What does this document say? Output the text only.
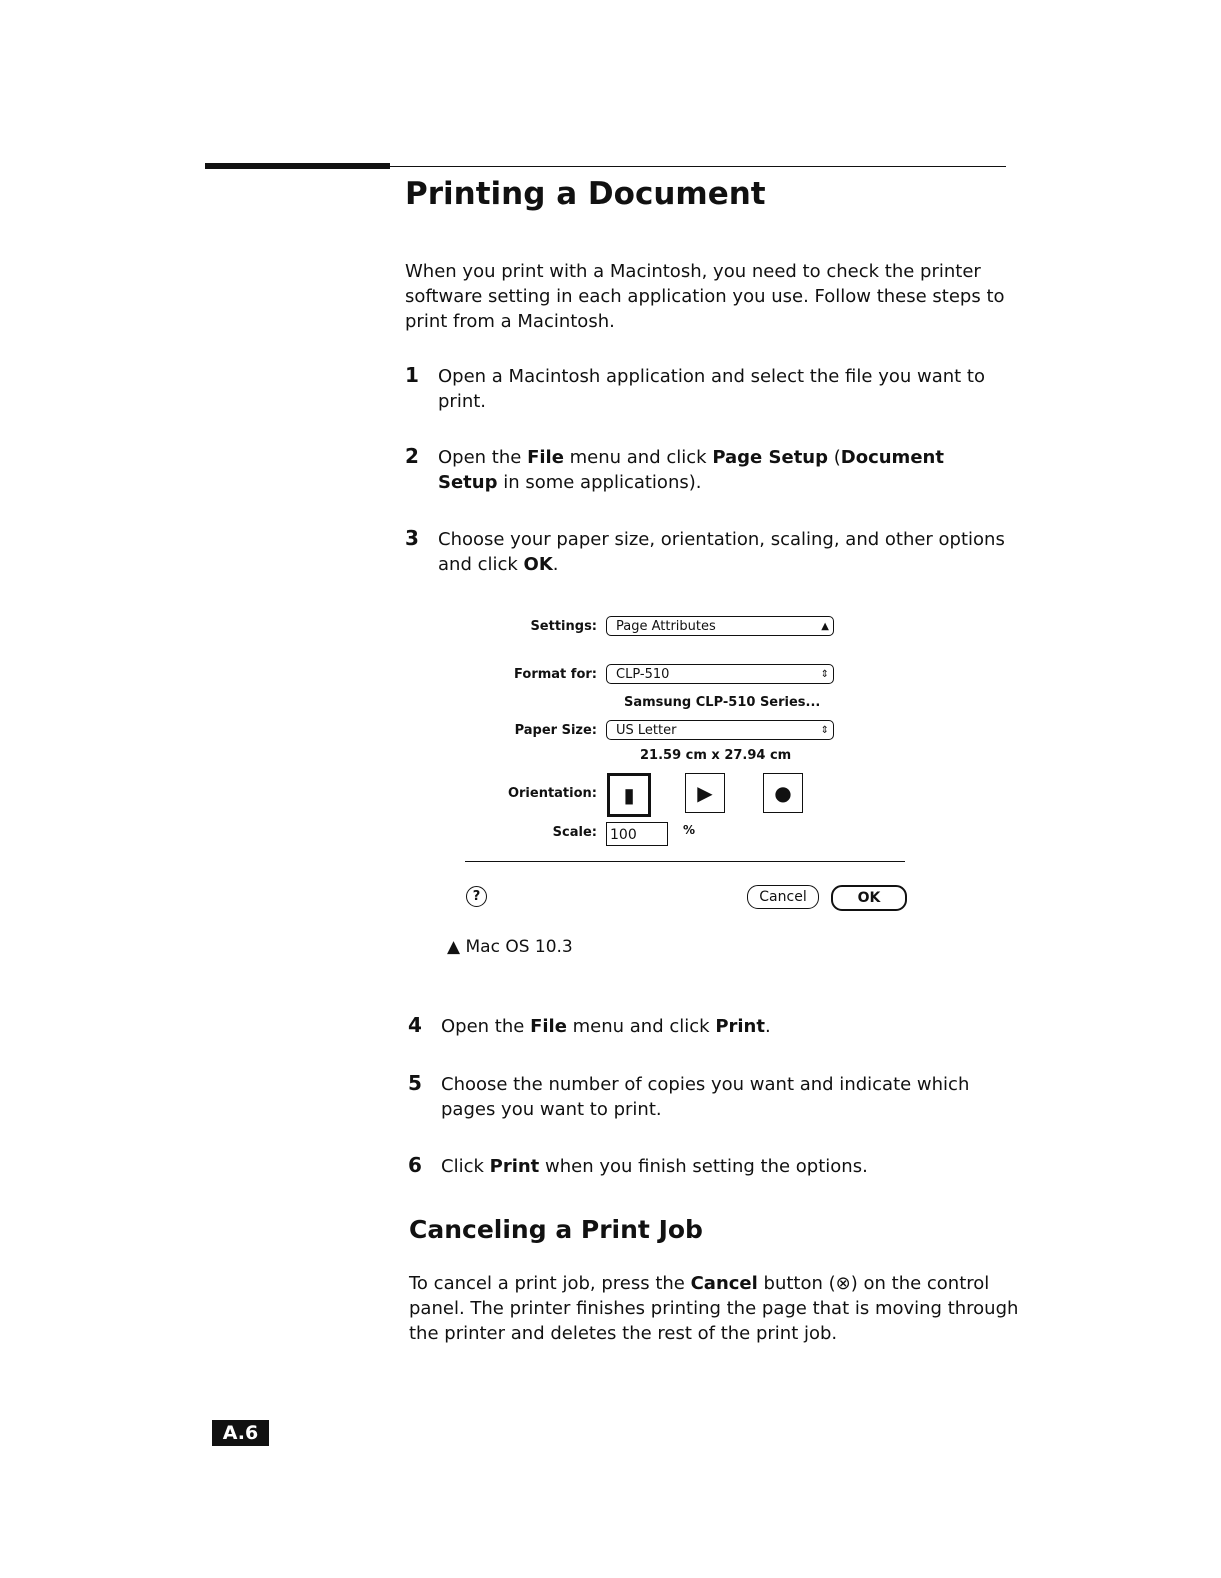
Printing a Document
When you print with a Macintosh, you need to check the printer software setting in each application you use. Follow these steps to print from a Macintosh.
1 Open a Macintosh application and select the file you want to print.
2 Open the File menu and click Page Setup (Document Setup in some applications).
3 Choose your paper size, orientation, scaling, and other options and click OK.
Settings:	Page Attributes	▲

Format for:	CLP-510	⇕
Samsung CLP-510 Series...
Paper Size:	US Letter	⇕
21.59 cm x 27.94 cm
Orientation:	▮	▶	●
Scale: 100	%
?	Cancel	OK
▲ Mac OS 10.3
4 Open the File menu and click Print.
5 Choose the number of copies you want and indicate which pages you want to print.
6 Click Print when you finish setting the options.
Canceling a Print Job
To cancel a print job, press the Cancel button (⊗) on the control panel. The printer finishes printing the page that is moving through the printer and deletes the rest of the print job.
A.6
